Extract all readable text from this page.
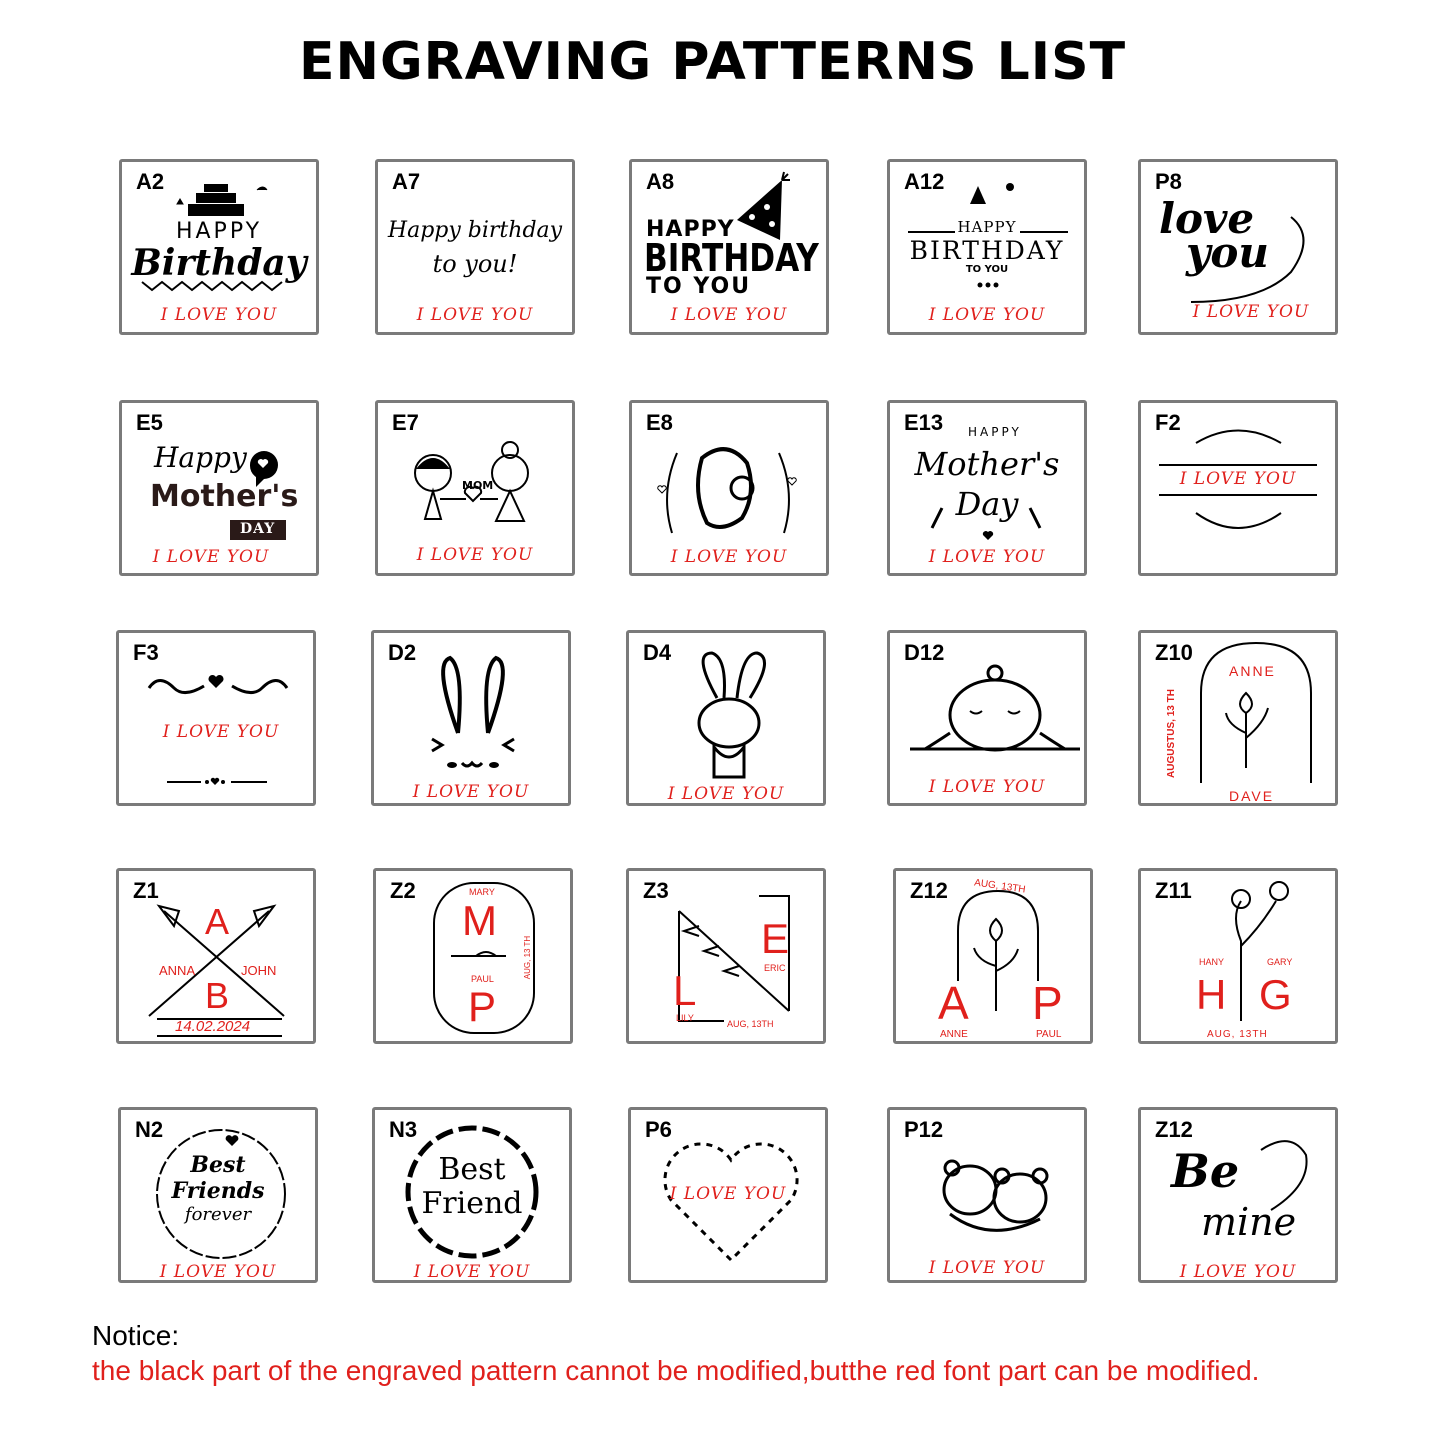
ENGRAVING PATTERNS LIST
A2
HAPPY
Birthday
I LOVE YOU
A7
Happy birthday
to you!
I LOVE YOU
A8
HAPPY
BIRTHDAY
TO YOU
I LOVE YOU
A12
HAPPY
BIRTHDAY
TO YOU
I LOVE YOU
P8
love
you
I LOVE YOU
E5
Happy
Mother's
DAY
I LOVE YOU
E7
MOM
I LOVE YOU
E8
I LOVE YOU
E13 HAPPY
Mother's
Day
I LOVE YOU
F2
I LOVE YOU
F3
I LOVE YOU
D2
I LOVE YOU
D4
I LOVE YOU
D12
I LOVE YOU
Z10
ANNE
AUGUSTUS, 13 TH
DAVE
Z1
A
ANNA	JOHN
B
14.02.2024
Z2	MARY
M
PAUL
P
AUG, 13 TH
Z3
E
ERIC
L
LILY
AUG, 13TH
Z12	AUG, 13TH
A P
ANNE	PAUL
Z11
HANY	GARY
H G
AUG, 13TH
N2
Best
Friends
forever
I LOVE YOU
N3
Best
Friend
I LOVE YOU
P6
I LOVE YOU
P12
I LOVE YOU
Z12
Be
mine
I LOVE YOU
Notice:
the black part of the engraved pattern cannot be modified,butthe red font part can be modified.
